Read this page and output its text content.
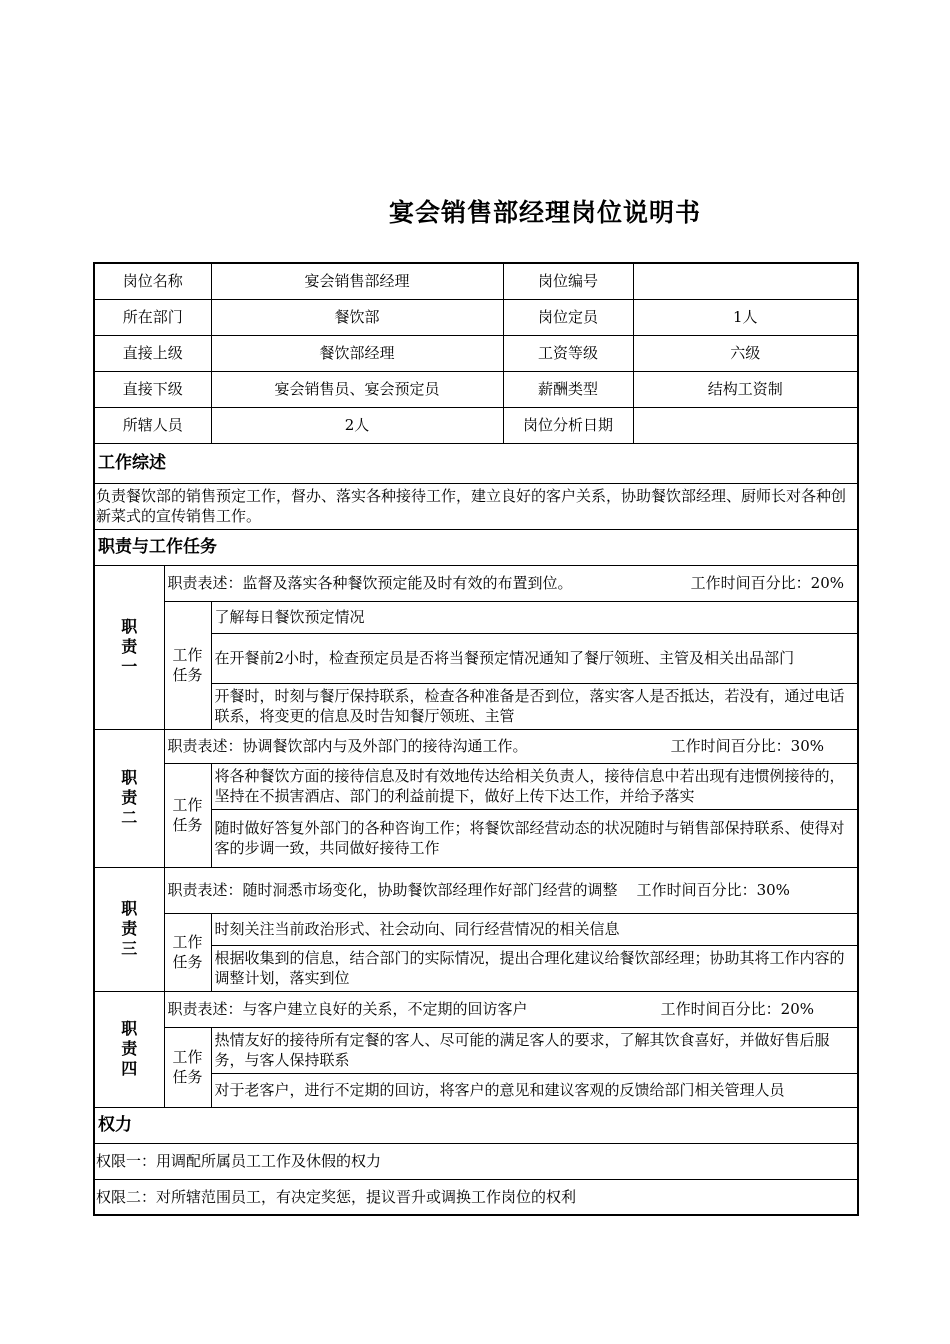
宴会销售部经理岗位说明书
岗位名称		宴会销售部经理	岗位编号	
所在部门		餐饮部	岗位定员	1人
直接上级		餐饮部经理	工资等级	六级
直接下级		宴会销售员、宴会预定员	薪酬类型	结构工资制
所辖人员		2人	岗位分析日期	
工作综述				
负责餐饮部的销售预定工作，督办、落实各种接待工作，建立良好的客户关系，协助餐饮部经理、厨师长对各种创新菜式的宣传销售工作。				
职责与工作任务				
职责一	职责表述：监督及落实各种餐饮预定能及时有效的布置到位。 工作时间百分比：20%			

	工作任务	了解每日餐饮预定情况		
		在开餐前2小时，检查预定员是否将当餐预定情况通知了餐厅领班、主管及相关出品部门		
		开餐时，时刻与餐厅保持联系，检查各种准备是否到位，落实客人是否抵达，若没有，通过电话联系，将变更的信息及时告知餐厅领班、主管		
职责二	职责表述：协调餐饮部内与及外部门的接待沟通工作。 工作时间百分比：30%			

	工作任务	将各种餐饮方面的接待信息及时有效地传达给相关负责人，接待信息中若出现有违惯例接待的，坚持在不损害酒店、部门的利益前提下，做好上传下达工作，并给予落实		
		随时做好答复外部门的各种咨询工作；将餐饮部经营动态的状况随时与销售部保持联系、使得对客的步调一致，共同做好接待工作		
职责三	职责表述：随时洞悉市场变化，协助餐饮部经理作好部门经营的调整 工作时间百分比：30%			
	工作任务	时刻关注当前政治形式、社会动向、同行经营情况的相关信息		
		根据收集到的信息，结合部门的实际情况，提出合理化建议给餐饮部经理；协助其将工作内容的调整计划，落实到位		
职责四	职责表述：与客户建立良好的关系，不定期的回访客户 工作时间百分比：20%			

	工作任务	热情友好的接待所有定餐的客人、尽可能的满足客人的要求，了解其饮食喜好，并做好售后服务，与客人保持联系		
		对于老客户，进行不定期的回访，将客户的意见和建议客观的反馈给部门相关管理人员		
权力				
权限一：用调配所属员工工作及休假的权力				
权限二：对所辖范围员工，有决定奖惩，提议晋升或调换工作岗位的权利				
